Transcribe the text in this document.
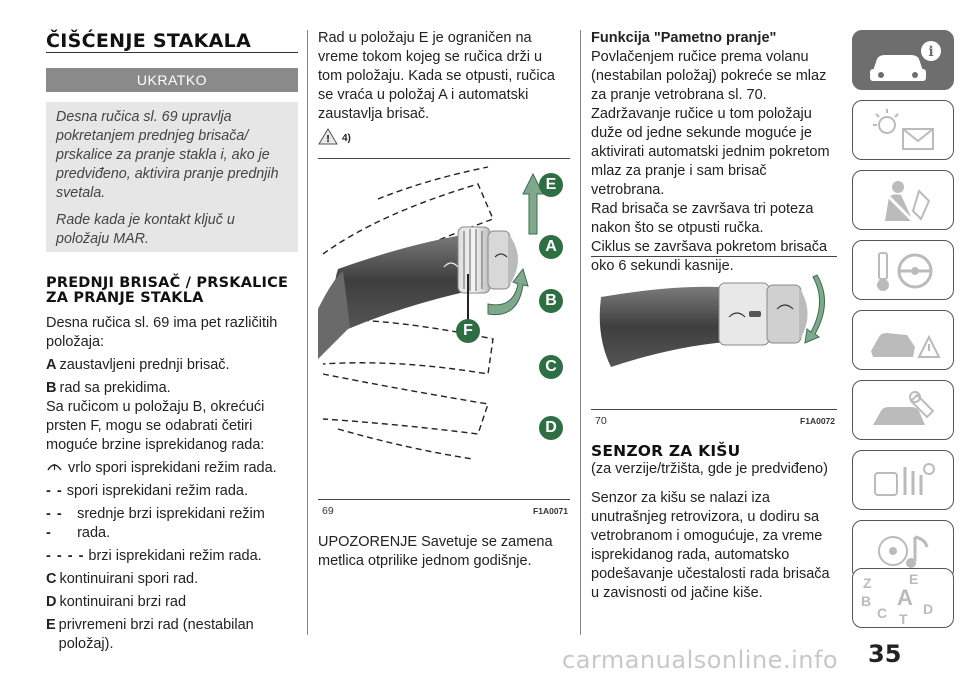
ČIŠĆENJE STAKALA
UKRATKO

Desna ručica sl. 69 upravlja pokretanjem prednjeg brisača/ prskalice za pranje stakla i, ako je predviđeno, aktivira pranje prednjih svetala.

Rade kada je kontakt ključ u položaju MAR.

PREDNJI BRISAČ / PRSKALICE ZA PRANJE STAKLA

Desna ručica sl. 69 ima pet različitih položaja:

A zaustavljeni prednji brisač.
B rad sa prekidima.

Sa ručicom u položaju B, okrećući prsten F, mogu se odabrati četiri moguće brzine isprekidanog rada:

vrlo spori isprekidani režim rada.
- - spori isprekidani režim rada.
- - -
srednje brzi isprekidani režim rada.
- - - - brzi isprekidani režim rada.
C kontinuirani spori rad.
D kontinuirani brzi rad
E privremeni brzi rad (nestabilan položaj).

Rad u položaju E je ograničen na vreme tokom kojeg se ručica drži u tom položaju. Kada se otpusti, ručica se vraća u položaj A i automatski zaustavlja brisač.

! 4)
E
A
B
C
D
F
69	F1A0071

UPOZORENJE Savetuje se zamena metlica otprilike jednom godišnje.

Funkcija "Pametno pranje"

Povlačenjem ručice prema volanu (nestabilan položaj) pokreće se mlaz za pranje vetrobrana sl. 70.

Zadržavanje ručice u tom položaju duže od jedne sekunde moguće je aktivirati automatski jednim pokretom mlaz za pranje i sam brisač vetrobrana.

Rad brisača se završava tri poteza nakon što se otpusti ručka.

Ciklus se završava pokretom brisača oko 6 sekundi kasnije.

70	F1A0072
SENZOR ZA KIŠU

(za verzije/tržišta, gde je predviđeno)

Senzor za kišu se nalazi iza unutrašnjeg retrovizora, u dodiru sa vetrobranom i omogućuje, za vreme isprekidanog rada, automatsko podešavanje učestalosti rada brisača u zavisnosti od jačine kiše.

i
Z	E
B A
C T
D
carmanualsonline.info 35
